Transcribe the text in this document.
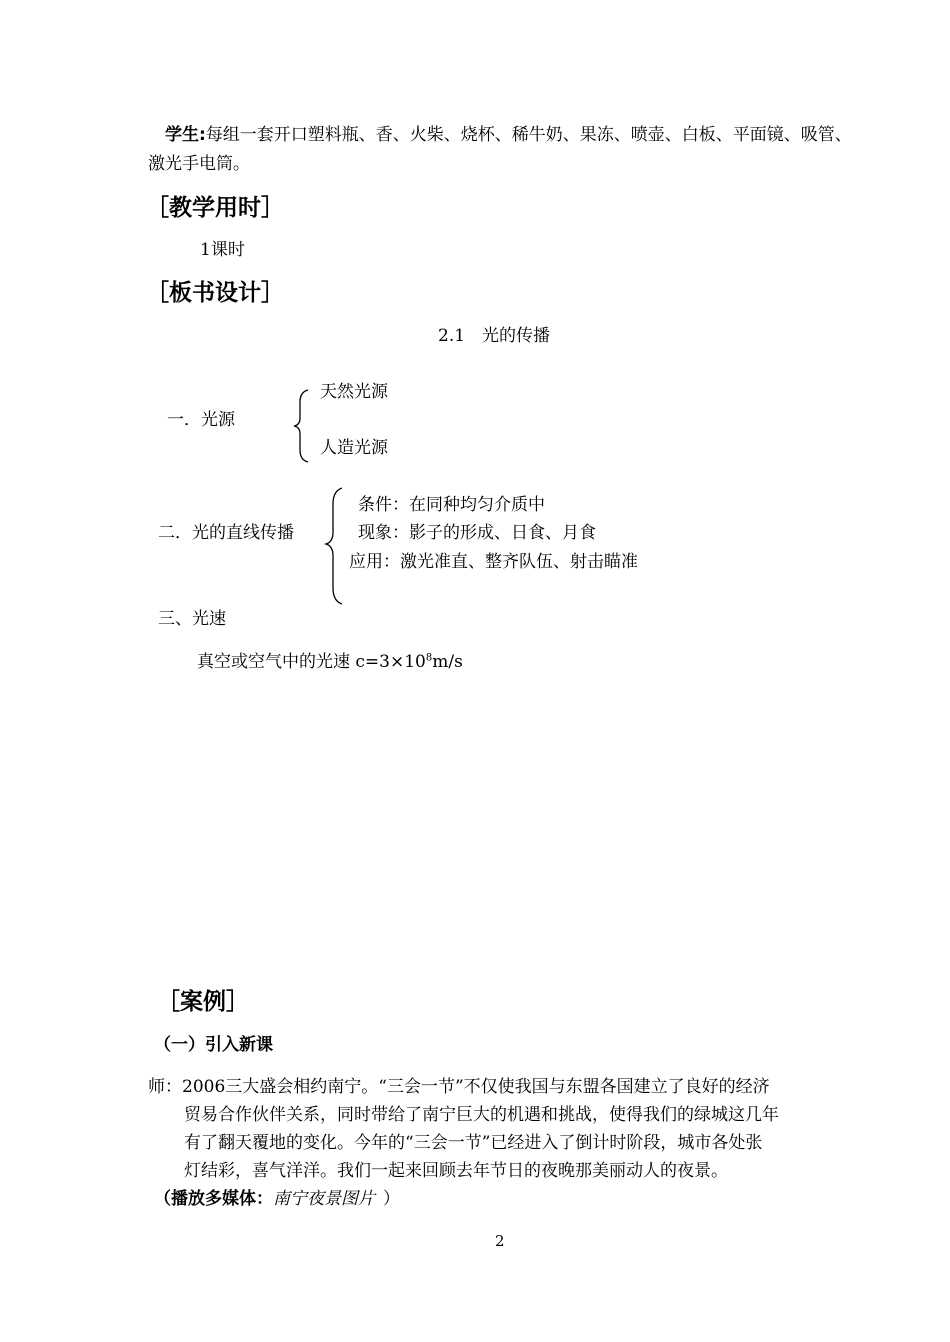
学生:每组一套开口塑料瓶、香、火柴、烧杯、稀牛奶、果冻、喷壶、白板、平面镜、吸管、
激光手电筒。
［教学用时］
1课时
［板书设计］
2.1　光的传播
一．光源
天然光源
人造光源
二．光的直线传播
条件：在同种均匀介质中
现象：影子的形成、日食、月食
应用：激光准直、整齐队伍、射击瞄准
三、光速
真空或空气中的光速 $c=3\times 10^8m/s$
［案例］
（一）引入新课
师：2006三大盛会相约南宁。“三会一节”不仅使我国与东盟各国建立了良好的经济
贸易合作伙伴关系，同时带给了南宁巨大的机遇和挑战，使得我们的绿城这几年
有了翻天覆地的变化。今年的“三会一节”已经进入了倒计时阶段，城市各处张
灯结彩，喜气洋洋。我们一起来回顾去年节日的夜晚那美丽动人的夜景。
（播放多媒体：南宁夜景图片 ）
2
